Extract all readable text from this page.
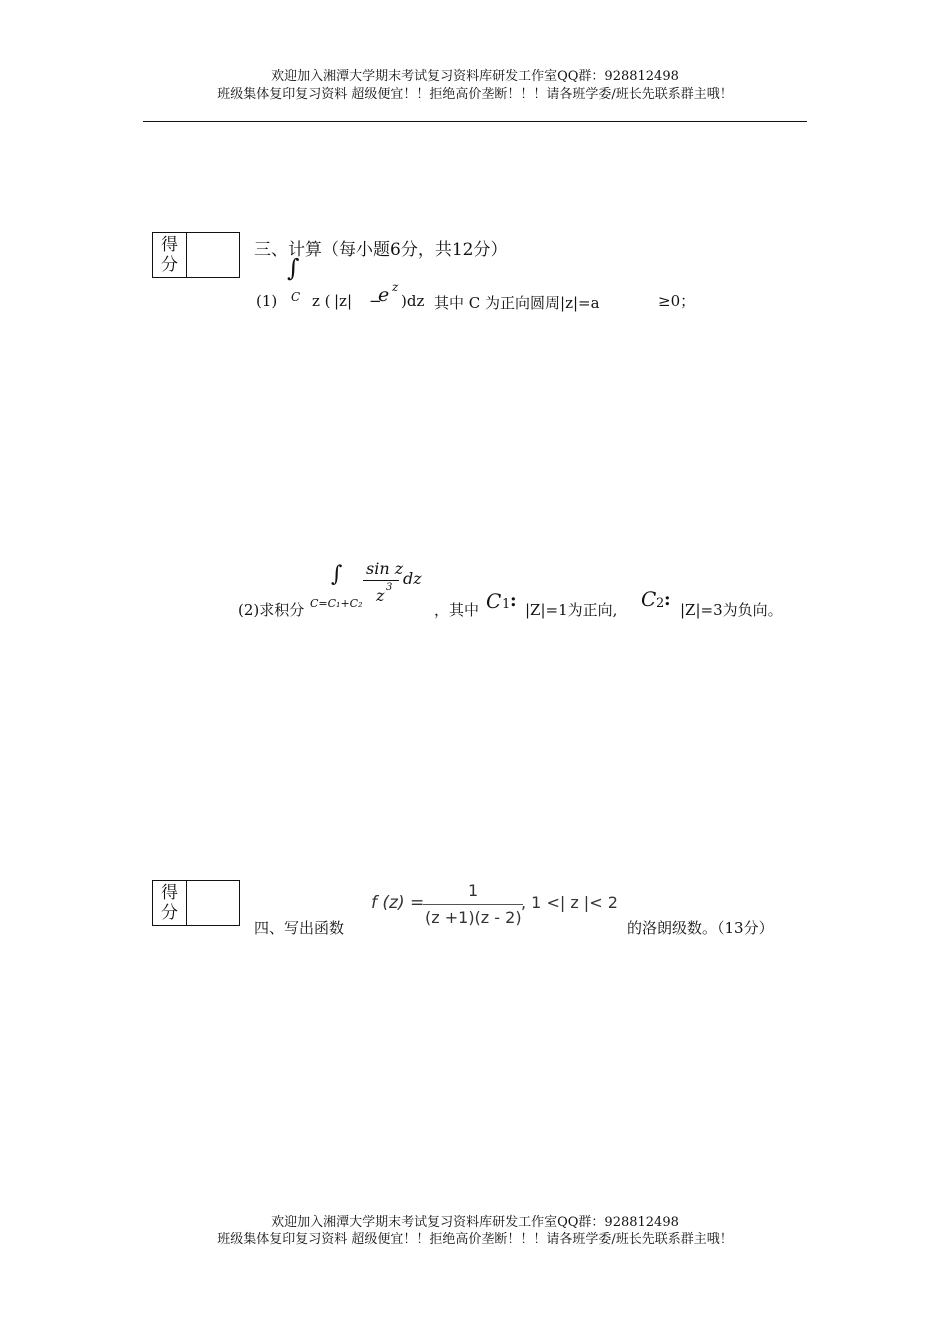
欢迎加入湘潭大学期末考试复习资料库研发工作室QQ群：928812498
班级集体复印复习资料 超级便宜！！拒绝高价垄断！！！请各班学委/班长先联系群主哦！
得
分
三、计算（每小题6分，共12分）
(1)
∫
C z ( |z| −
e z
)dz 其中 C 为正向圆周|z|=a	≥0；
(2)求积分
∫
C=C₁+C₂
sin z
z 3 dz
，其中 C 1 : |Z|=1为正向, C 2 : |Z|=3为负向。
得
分
四、写出函数
f (z) =
1
(z +1)(z - 2)
, 1 <| z |< 2
的洛朗级数。（13分）
欢迎加入湘潭大学期末考试复习资料库研发工作室QQ群：928812498
班级集体复印复习资料 超级便宜！！拒绝高价垄断！！！请各班学委/班长先联系群主哦！
